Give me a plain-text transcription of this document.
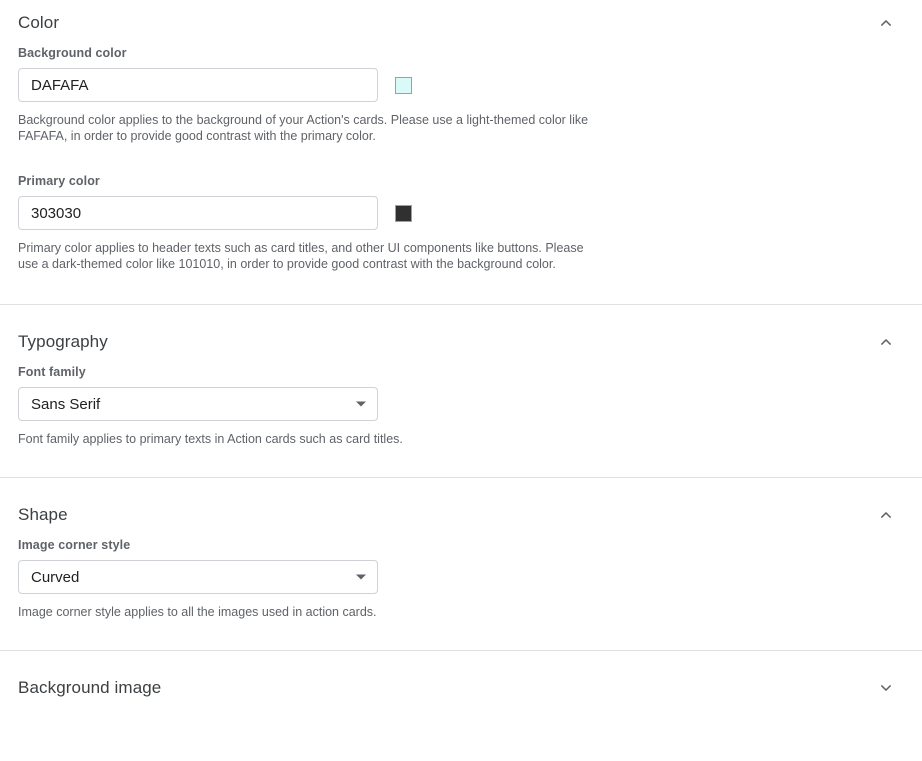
Color
Background color
DAFAFA
Background color applies to the background of your Action's cards. Please use a light-themed color like FAFAFA, in order to provide good contrast with the primary color.
Primary color
303030
Primary color applies to header texts such as card titles, and other UI components like buttons. Please use a dark-themed color like 101010, in order to provide good contrast with the background color.
Typography
Font family
Sans Serif
Font family applies to primary texts in Action cards such as card titles.
Shape
Image corner style
Curved
Image corner style applies to all the images used in action cards.
Background image
